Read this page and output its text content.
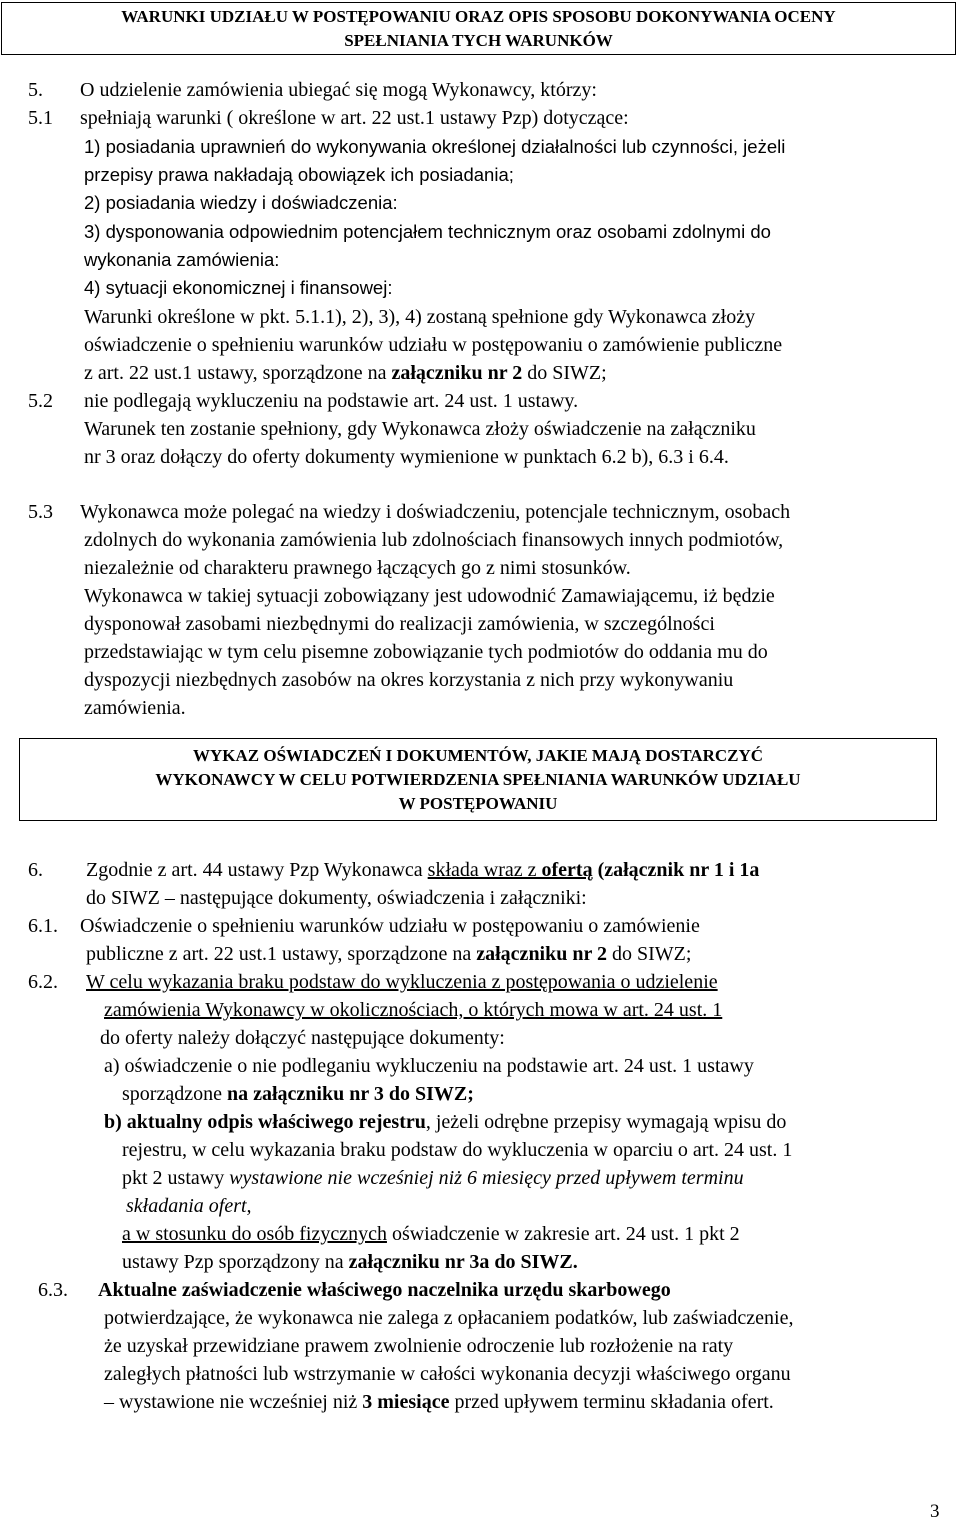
WARUNKI UDZIAŁU W POSTĘPOWANIU ORAZ OPIS SPOSOBU DOKONYWANIA OCENY
SPEŁNIANIA TYCH WARUNKÓW
5. O udzielenie zamówienia ubiegać się mogą Wykonawcy, którzy:
5.1 spełniają warunki ( określone w art. 22 ust.1 ustawy Pzp) dotyczące:
1) posiadania uprawnień do wykonywania określonej działalności lub czynności, jeżeli
przepisy prawa nakładają obowiązek ich posiadania;
2) posiadania wiedzy i doświadczenia:
3) dysponowania odpowiednim potencjałem technicznym oraz osobami zdolnymi do
wykonania zamówienia:
4) sytuacji ekonomicznej i finansowej:
Warunki określone w pkt. 5.1.1), 2), 3), 4) zostaną spełnione gdy Wykonawca złoży
oświadczenie o spełnieniu warunków udziału w postępowaniu o zamówienie publiczne
z art. 22 ust.1 ustawy, sporządzone na załączniku nr 2 do SIWZ;
5.2 nie podlegają wykluczeniu na podstawie art. 24 ust. 1 ustawy.
Warunek ten zostanie spełniony, gdy Wykonawca złoży oświadczenie na załączniku
nr 3 oraz dołączy do oferty dokumenty wymienione w punktach 6.2 b), 6.3 i 6.4.
5.3 Wykonawca może polegać na wiedzy i doświadczeniu, potencjale technicznym, osobach
zdolnych do wykonania zamówienia lub zdolnościach finansowych innych podmiotów,
niezależnie od charakteru prawnego łączących go z nimi stosunków.
Wykonawca w takiej sytuacji zobowiązany jest udowodnić Zamawiającemu, iż będzie
dysponował zasobami niezbędnymi do realizacji zamówienia, w szczególności
przedstawiając w tym celu pisemne zobowiązanie tych podmiotów do oddania mu do
dyspozycji niezbędnych zasobów na okres korzystania z nich przy wykonywaniu
zamówienia.
WYKAZ OŚWIADCZEŃ I DOKUMENTÓW, JAKIE MAJĄ DOSTARCZYĆ
WYKONAWCY W CELU POTWIERDZENIA SPEŁNIANIA WARUNKÓW UDZIAŁU
W POSTĘPOWANIU
6. Zgodnie z art. 44 ustawy Pzp Wykonawca składa wraz z ofertą (załącznik nr 1 i 1a
do SIWZ – następujące dokumenty, oświadczenia i załączniki:
6.1. Oświadczenie o spełnieniu warunków udziału w postępowaniu o zamówienie
publiczne z art. 22 ust.1 ustawy, sporządzone na załączniku nr 2 do SIWZ;
6.2. W celu wykazania braku podstaw do wykluczenia z postępowania o udzielenie
zamówienia Wykonawcy w okolicznościach, o których mowa w art. 24 ust. 1
do oferty należy dołączyć następujące dokumenty:
a) oświadczenie o nie podleganiu wykluczeniu na podstawie art. 24 ust. 1 ustawy
sporządzone na załączniku nr 3 do SIWZ;
b) aktualny odpis właściwego rejestru, jeżeli odrębne przepisy wymagają wpisu do
rejestru, w celu wykazania braku podstaw do wykluczenia w oparciu o art. 24 ust. 1
pkt 2 ustawy wystawione nie wcześniej niż 6 miesięcy przed upływem terminu
składania ofert,
a w stosunku do osób fizycznych oświadczenie w zakresie art. 24 ust. 1 pkt 2
ustawy Pzp sporządzony na załączniku nr 3a do SIWZ.
6.3. Aktualne zaświadczenie właściwego naczelnika urzędu skarbowego
potwierdzające, że wykonawca nie zalega z opłacaniem podatków, lub zaświadczenie,
że uzyskał przewidziane prawem zwolnienie odroczenie lub rozłożenie na raty
zaległych płatności lub wstrzymanie w całości wykonania decyzji właściwego organu
– wystawione nie wcześniej niż 3 miesiące przed upływem terminu składania ofert.
3
